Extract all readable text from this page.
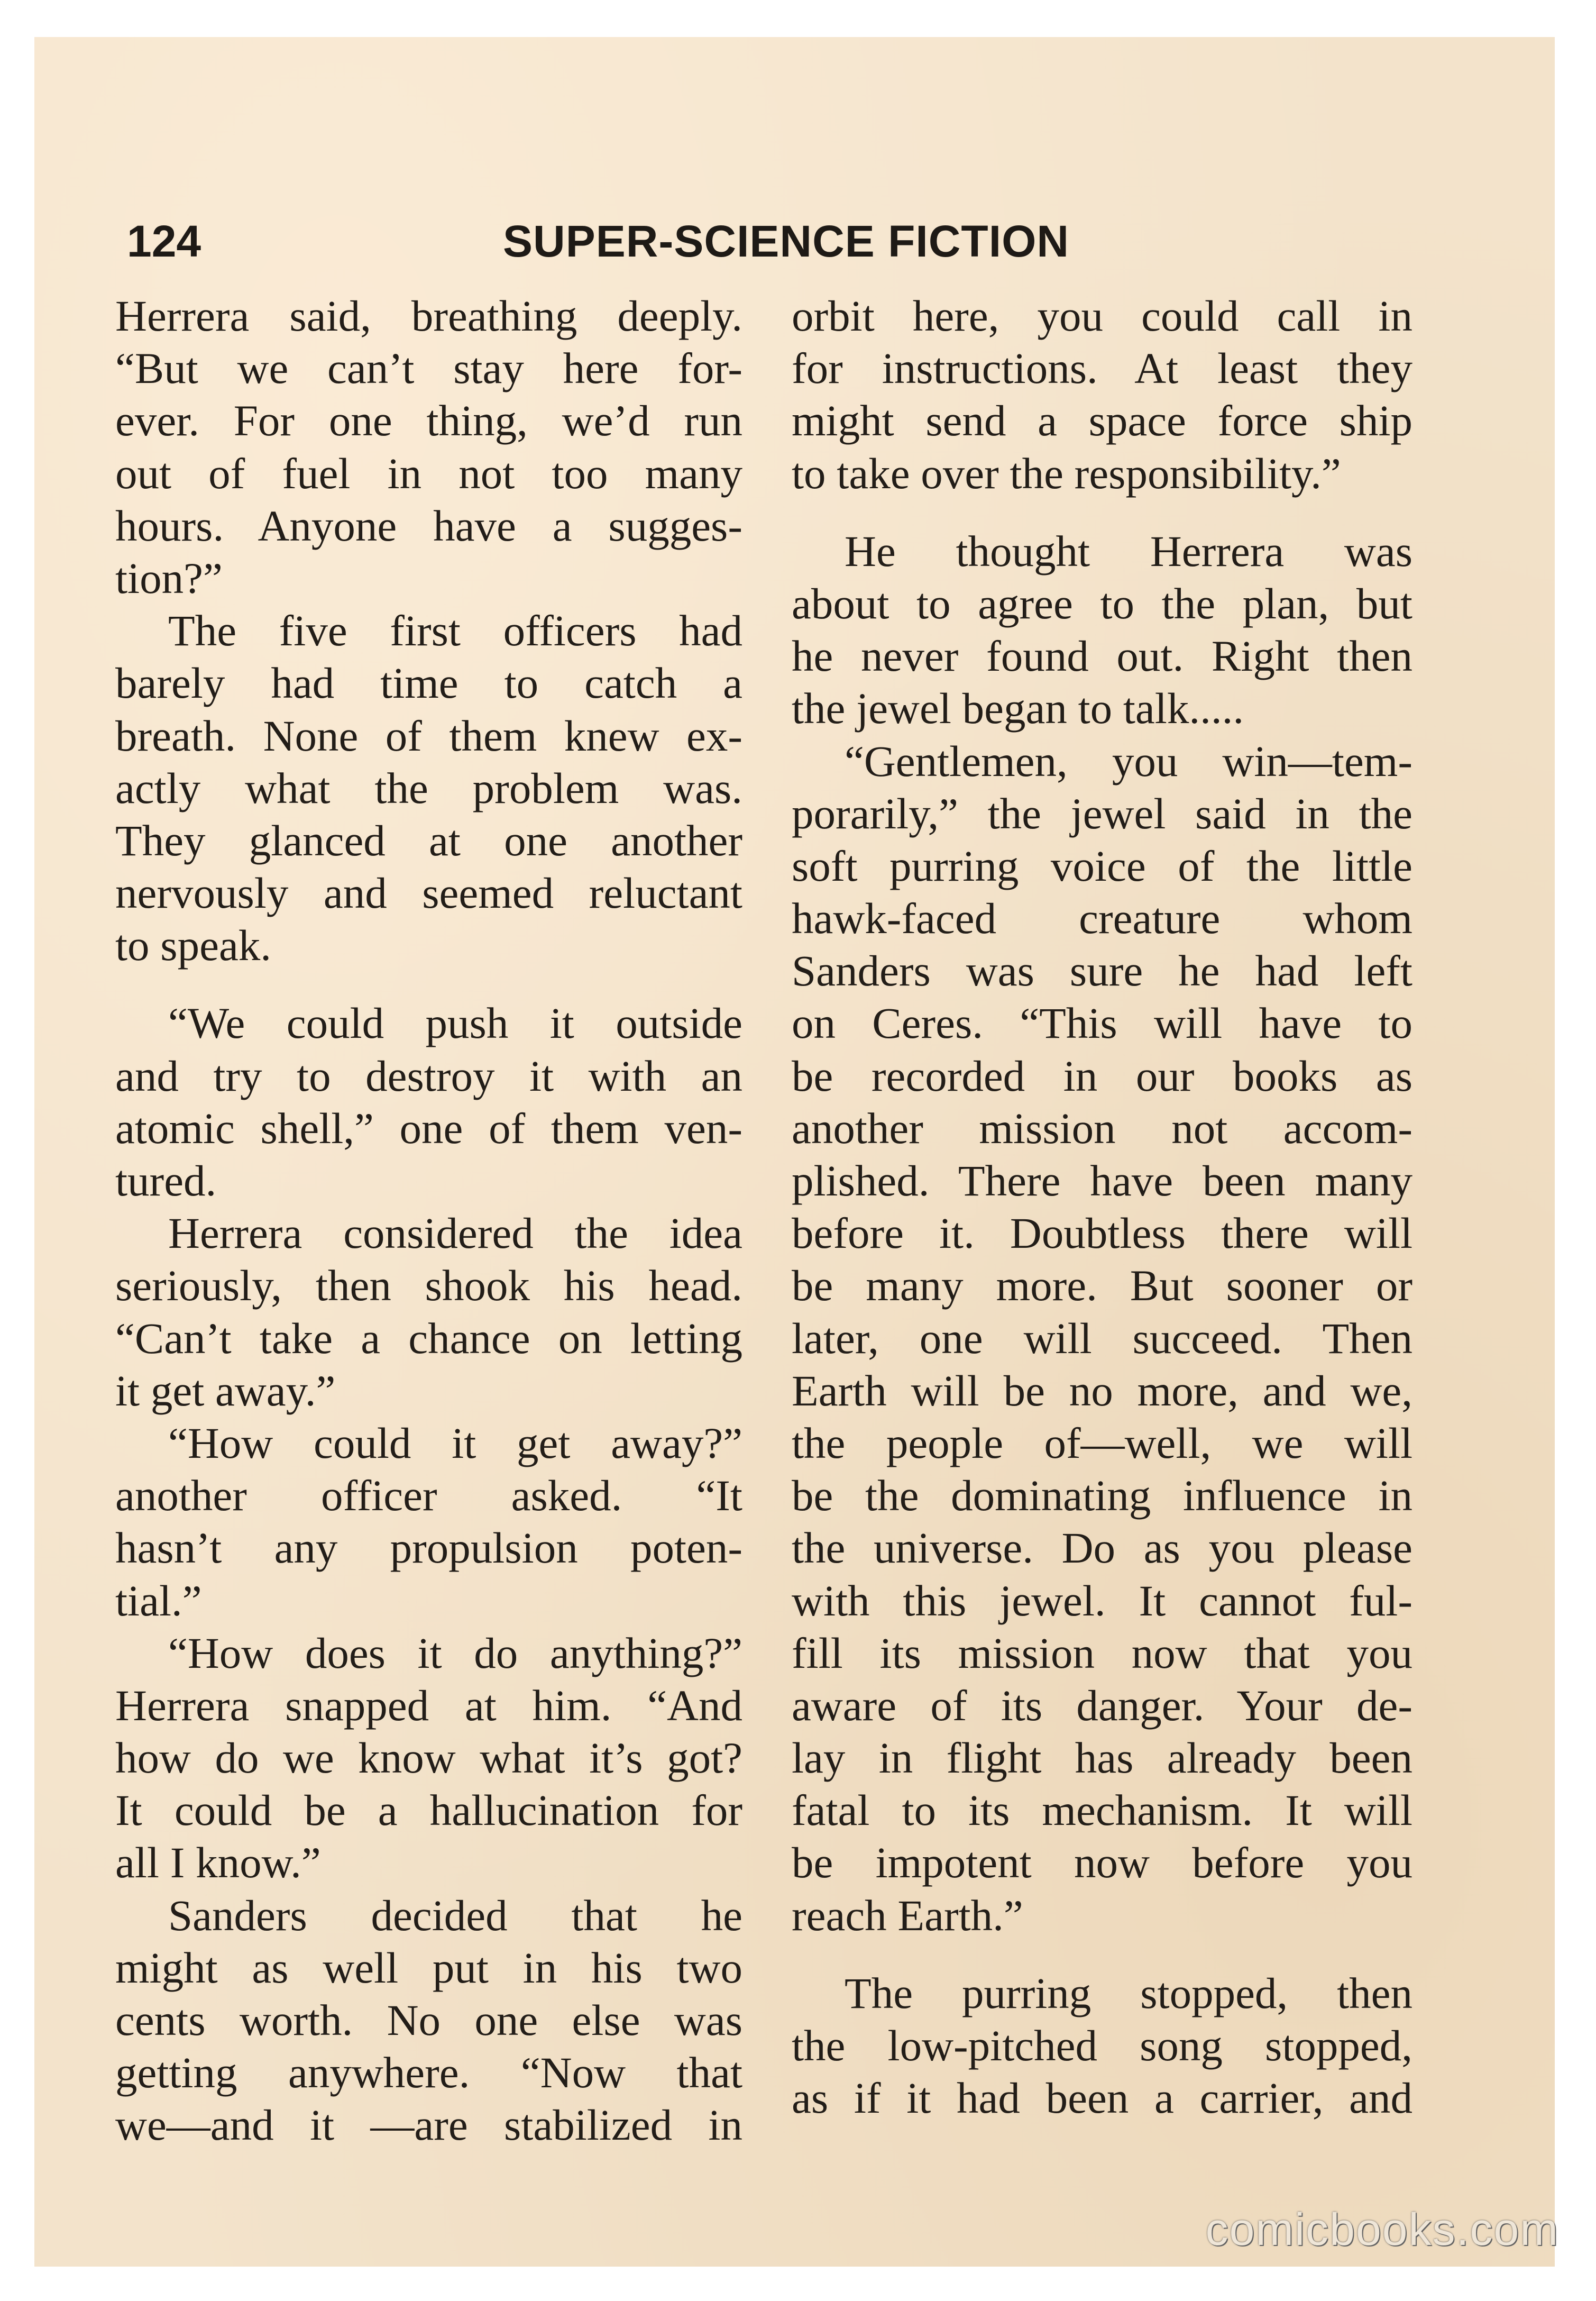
124	SUPER-SCIENCE FICTION
Herrera said, breathing deeply.
“But we can’t stay here for-
ever. For one thing, we’d run
out of fuel in not too many
hours. Anyone have a sugges-
tion?”
The five first officers had
barely had time to catch a
breath. None of them knew ex-
actly what the problem was.
They glanced at one another
nervously and seemed reluctant
to speak.
“We could push it outside
and try to destroy it with an
atomic shell,” one of them ven-
tured.
Herrera considered the idea
seriously, then shook his head.
“Can’t take a chance on letting
it get away.”
“How could it get away?”
another officer asked. “It
hasn’t any propulsion poten-
tial.”
“How does it do anything?”
Herrera snapped at him. “And
how do we know what it’s got?
It could be a hallucination for
all I know.”
Sanders decided that he
might as well put in his two
cents worth. No one else was
getting anywhere. “Now that
we—and it —are stabilized in
orbit here, you could call in
for instructions. At least they
might send a space force ship
to take over the responsibility.”
He thought Herrera was
about to agree to the plan, but
he never found out. Right then
the jewel began to talk.....
“Gentlemen, you win—tem-
porarily,” the jewel said in the
soft purring voice of the little
hawk-faced creature whom
Sanders was sure he had left
on Ceres. “This will have to
be recorded in our books as
another mission not accom-
plished. There have been many
before it. Doubtless there will
be many more. But sooner or
later, one will succeed. Then
Earth will be no more, and we,
the people of—well, we will
be the dominating influence in
the universe. Do as you please
with this jewel. It cannot ful-
fill its mission now that you
aware of its danger. Your de-
lay in flight has already been
fatal to its mechanism. It will
be impotent now before you
reach Earth.”
The purring stopped, then
the low-pitched song stopped,
as if it had been a carrier, and
comicbooks.com
